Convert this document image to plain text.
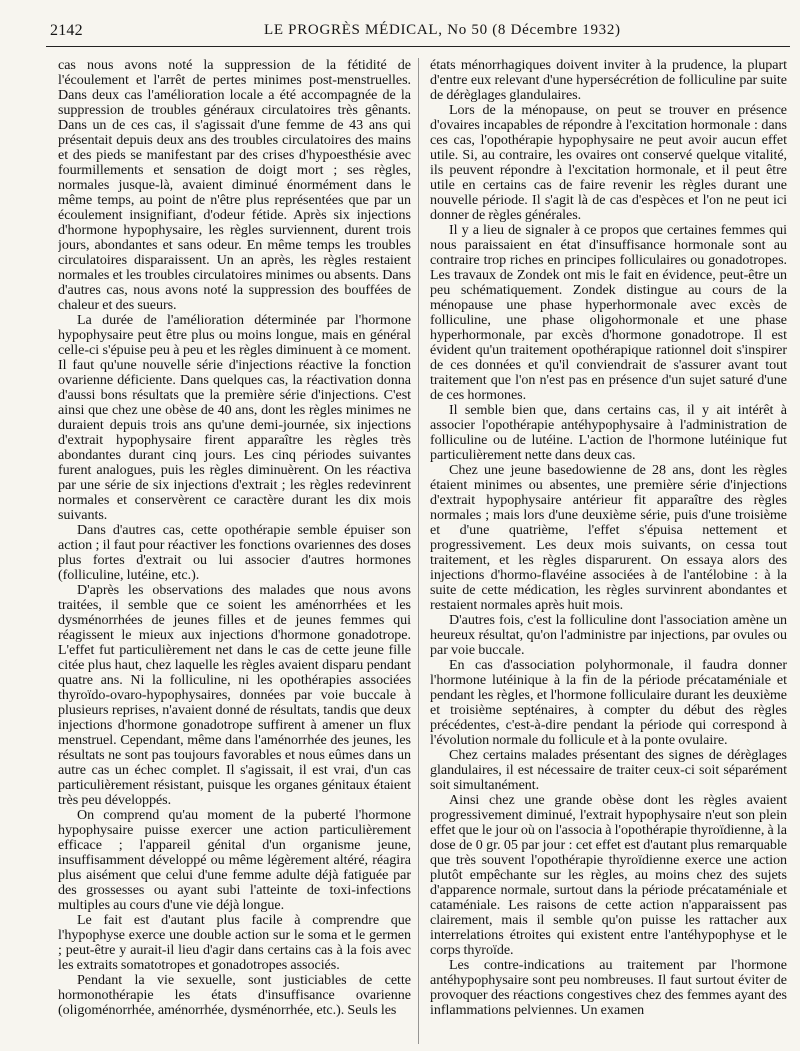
2142	LE PROGRÈS MÉDICAL, No 50 (8 Décembre 1932)

cas nous avons noté la suppression de la fétidité de l'écoulement et l'arrêt de pertes minimes post-menstruelles. Dans deux cas l'amélioration locale a été accompagnée de la suppression de troubles généraux circulatoires très gênants. Dans un de ces cas, il s'agissait d'une femme de 43 ans qui présentait depuis deux ans des troubles circulatoires des mains et des pieds se manifestant par des crises d'hypoesthésie avec fourmillements et sensation de doigt mort ; ses règles, normales jusque-là, avaient diminué énormément dans le même temps, au point de n'être plus représentées que par un écoulement insignifiant, d'odeur fétide. Après six injections d'hormone hypophysaire, les règles surviennent, durent trois jours, abondantes et sans odeur. En même temps les troubles circulatoires disparaissent. Un an après, les règles restaient normales et les troubles circulatoires minimes ou absents. Dans d'autres cas, nous avons noté la suppression des bouffées de chaleur et des sueurs.

La durée de l'amélioration déterminée par l'hormone hypophysaire peut être plus ou moins longue, mais en général celle-ci s'épuise peu à peu et les règles diminuent à ce moment. Il faut qu'une nouvelle série d'injections réactive la fonction ovarienne déficiente. Dans quelques cas, la réactivation donna d'aussi bons résultats que la première série d'injections. C'est ainsi que chez une obèse de 40 ans, dont les règles minimes ne duraient depuis trois ans qu'une demi-journée, six injections d'extrait hypophysaire firent apparaître les règles très abondantes durant cinq jours. Les cinq périodes suivantes furent analogues, puis les règles diminuèrent. On les réactiva par une série de six injections d'extrait ; les règles redevinrent normales et conservèrent ce caractère durant les dix mois suivants.

Dans d'autres cas, cette opothérapie semble épuiser son action ; il faut pour réactiver les fonctions ovariennes des doses plus fortes d'extrait ou lui associer d'autres hormones (folliculine, lutéine, etc.).

D'après les observations des malades que nous avons traitées, il semble que ce soient les aménorrhées et les dysménorrhées de jeunes filles et de jeunes femmes qui réagissent le mieux aux injections d'hormone gonadotrope. L'effet fut particulièrement net dans le cas de cette jeune fille citée plus haut, chez laquelle les règles avaient disparu pendant quatre ans. Ni la folliculine, ni les opothérapies associées thyroïdo-ovaro-hypophysaires, données par voie buccale à plusieurs reprises, n'avaient donné de résultats, tandis que deux injections d'hormone gonadotrope suffirent à amener un flux menstruel. Cependant, même dans l'aménorrhée des jeunes, les résultats ne sont pas toujours favorables et nous eûmes dans un autre cas un échec complet. Il s'agissait, il est vrai, d'un cas particulièrement résistant, puisque les organes génitaux étaient très peu développés.

On comprend qu'au moment de la puberté l'hormone hypophysaire puisse exercer une action particulièrement efficace ; l'appareil génital d'un organisme jeune, insuffisamment développé ou même légèrement altéré, réagira plus aisément que celui d'une femme adulte déjà fatiguée par des grossesses ou ayant subi l'atteinte de toxi-infections multiples au cours d'une vie déjà longue.

Le fait est d'autant plus facile à comprendre que l'hypophyse exerce une double action sur le soma et le germen ; peut-être y aurait-il lieu d'agir dans certains cas à la fois avec les extraits somatotropes et gonadotropes associés.

Pendant la vie sexuelle, sont justiciables de cette hormonothérapie les états d'insuffisance ovarienne (oligoménorrhée, aménorrhée, dysménorrhée, etc.). Seuls les

états ménorrhagiques doivent inviter à la prudence, la plupart d'entre eux relevant d'une hypersécrétion de folliculine par suite de dérèglages glandulaires.

Lors de la ménopause, on peut se trouver en présence d'ovaires incapables de répondre à l'excitation hormonale : dans ces cas, l'opothérapie hypophysaire ne peut avoir aucun effet utile. Si, au contraire, les ovaires ont conservé quelque vitalité, ils peuvent répondre à l'excitation hormonale, et il peut être utile en certains cas de faire revenir les règles durant une nouvelle période. Il s'agit là de cas d'espèces et l'on ne peut ici donner de règles générales.

Il y a lieu de signaler à ce propos que certaines femmes qui nous paraissaient en état d'insuffisance hormonale sont au contraire trop riches en principes folliculaires ou gonadotropes. Les travaux de Zondek ont mis le fait en évidence, peut-être un peu schématiquement. Zondek distingue au cours de la ménopause une phase hyperhormonale avec excès de folliculine, une phase oligohormonale et une phase hyperhormonale, par excès d'hormone gonadotrope. Il est évident qu'un traitement opothérapique rationnel doit s'inspirer de ces données et qu'il conviendrait de s'assurer avant tout traitement que l'on n'est pas en présence d'un sujet saturé d'une de ces hormones.

Il semble bien que, dans certains cas, il y ait intérêt à associer l'opothérapie antéhypophysaire à l'administration de folliculine ou de lutéine. L'action de l'hormone lutéinique fut particulièrement nette dans deux cas.

Chez une jeune basedowienne de 28 ans, dont les règles étaient minimes ou absentes, une première série d'injections d'extrait hypophysaire antérieur fit apparaître des règles normales ; mais lors d'une deuxième série, puis d'une troisième et d'une quatrième, l'effet s'épuisa nettement et progressivement. Les deux mois suivants, on cessa tout traitement, et les règles disparurent. On essaya alors des injections d'hormo-flavéine associées à de l'antélobine : à la suite de cette médication, les règles survinrent abondantes et restaient normales après huit mois.

D'autres fois, c'est la folliculine dont l'association amène un heureux résultat, qu'on l'administre par injections, par ovules ou par voie buccale.

En cas d'association polyhormonale, il faudra donner l'hormone lutéinique à la fin de la période précataméniale et pendant les règles, et l'hormone folliculaire durant les deuxième et troisième septénaires, à compter du début des règles précédentes, c'est-à-dire pendant la période qui correspond à l'évolution normale du follicule et à la ponte ovulaire.

Chez certains malades présentant des signes de dérèglages glandulaires, il est nécessaire de traiter ceux-ci soit séparément soit simultanément.

Ainsi chez une grande obèse dont les règles avaient progressivement diminué, l'extrait hypophysaire n'eut son plein effet que le jour où on l'associa à l'opothérapie thyroïdienne, à la dose de 0 gr. 05 par jour : cet effet est d'autant plus remarquable que très souvent l'opothérapie thyroïdienne exerce une action plutôt empêchante sur les règles, au moins chez des sujets d'apparence normale, surtout dans la période précataméniale et cataméniale. Les raisons de cette action n'apparaissent pas clairement, mais il semble qu'on puisse les rattacher aux interrelations étroites qui existent entre l'antéhypophyse et le corps thyroïde.

Les contre-indications au traitement par l'hormone antéhypophysaire sont peu nombreuses. Il faut surtout éviter de provoquer des réactions congestives chez des femmes ayant des inflammations pelviennes. Un examen
